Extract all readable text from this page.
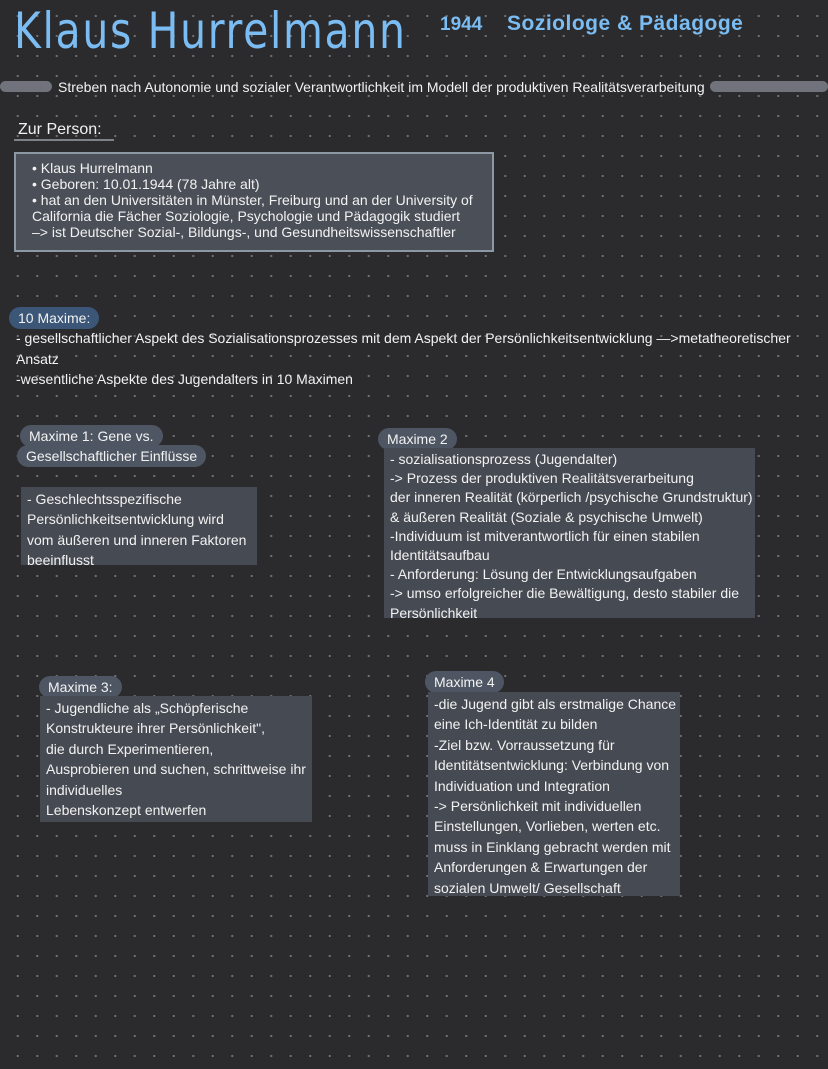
Klaus Hurrelmann 1944 Soziologe & Pädagoge
Streben nach Autonomie und sozialer Verantwortlichkeit im Modell der produktiven Realitätsverarbeitung
Zur Person:
• Klaus Hurrelmann
• Geboren: 10.01.1944 (78 Jahre alt)
• hat an den Universitäten in Münster, Freiburg und an der University of
California die Fächer Soziologie, Psychologie und Pädagogik studiert
–> ist Deutscher Sozial-, Bildungs-, und Gesundheitswissenschaftler
10 Maxime:
- gesellschaftlicher Aspekt des Sozialisationsprozesses mit dem Aspekt der Persönlichkeitsentwicklung —>metatheoretischer
Ansatz
-wesentliche Aspekte des Jugendalters in 10 Maximen
Maxime 1: Gene vs.
Gesellschaftlicher Einflüsse
- Geschlechtsspezifische
Persönlichkeitsentwicklung wird
vom äußeren und inneren Faktoren
beeinflusst
Maxime 2
- sozialisationsprozess (Jugendalter)
-> Prozess der produktiven Realitätsverarbeitung
der inneren Realität (körperlich /psychische Grundstruktur)
& äußeren Realität (Soziale & psychische Umwelt)
-Individuum ist mitverantwortlich für einen stabilen
Identitätsaufbau
- Anforderung: Lösung der Entwicklungsaufgaben
-> umso erfolgreicher die Bewältigung, desto stabiler die
Persönlichkeit
Maxime 3:
- Jugendliche als „Schöpferische
Konstrukteure ihrer Persönlichkeit",
die durch Experimentieren,
Ausprobieren und suchen, schrittweise ihr
individuelles
Lebenskonzept entwerfen
Maxime 4
-die Jugend gibt als erstmalige Chance
eine Ich-Identität zu bilden
-Ziel bzw. Vorraussetzung für
Identitätsentwicklung: Verbindung von
Individuation und Integration
-> Persönlichkeit mit individuellen
Einstellungen, Vorlieben, werten etc.
muss in Einklang gebracht werden mit
Anforderungen & Erwartungen der
sozialen Umwelt/ Gesellschaft
